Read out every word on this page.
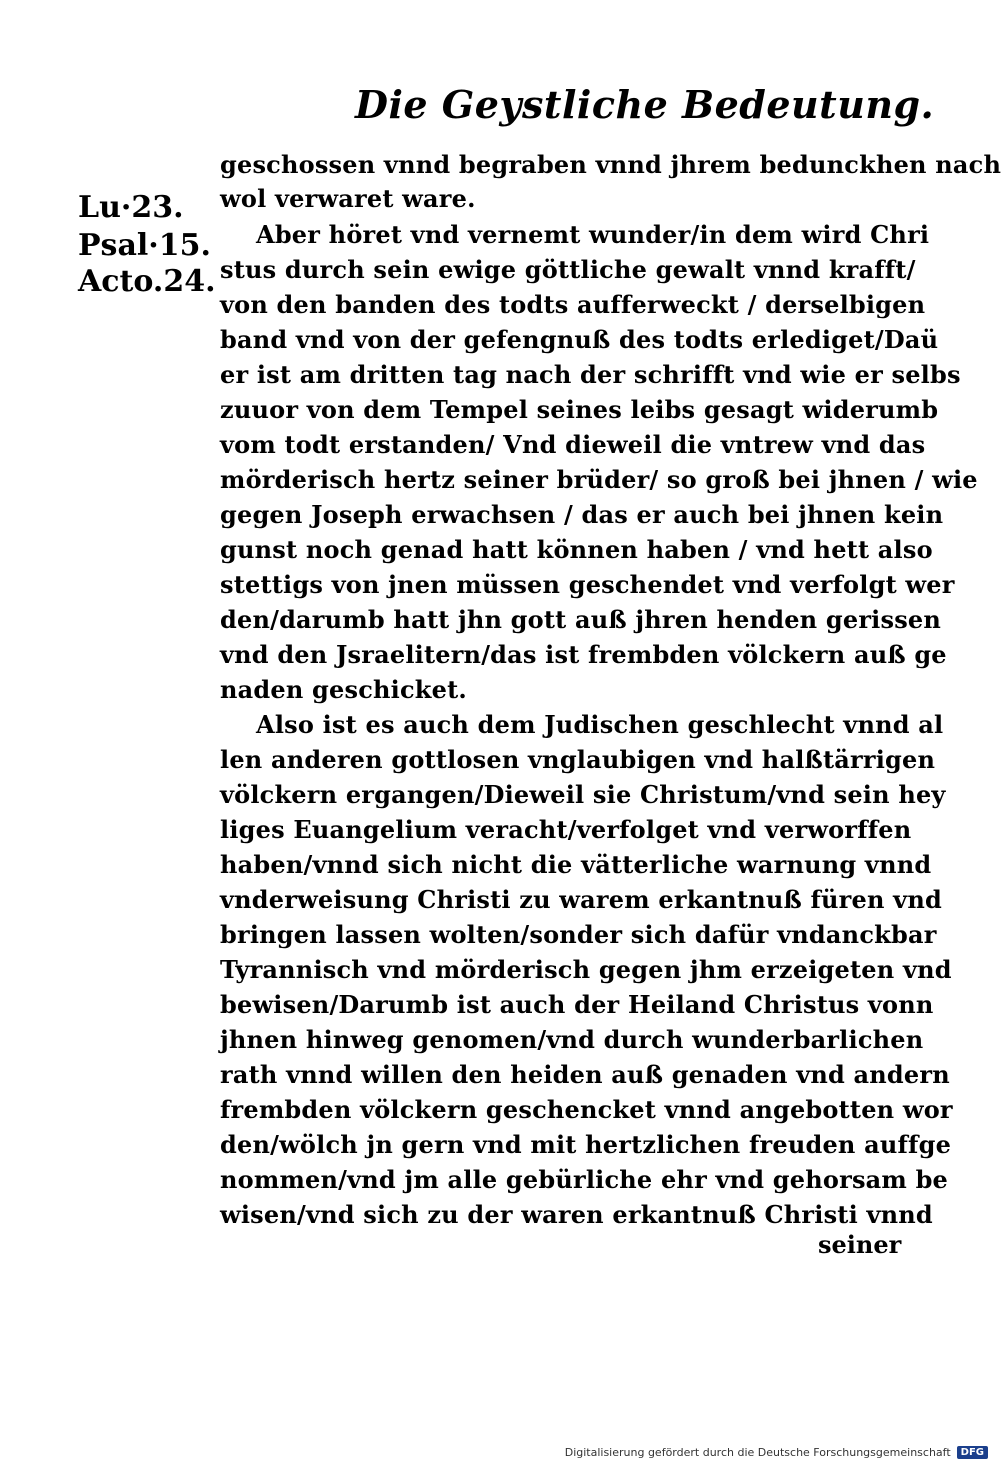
Die Geystliche Bedeutung.
Lu·23.
Psal·15.
Acto.24.
geschossen vnnd begraben vnnd jhrem bedunckhen nach
wol verwaret ware.
Aber höret vnd vernemt wunder/in dem wird Chri
stus durch sein ewige göttliche gewalt vnnd krafft/
von den banden des todts aufferweckt / derselbigen
band vnd von der gefengnuß des todts erlediget/Daü
er ist am dritten tag nach der schrifft vnd wie er selbs
zuuor von dem Tempel seines leibs gesagt widerumb
vom todt erstanden/ Vnd dieweil die vntrew vnd das
mörderisch hertz seiner brüder/ so groß bei jhnen / wie
gegen Joseph erwachsen / das er auch bei jhnen kein
gunst noch genad hatt können haben / vnd hett also
stettigs von jnen müssen geschendet vnd verfolgt wer
den/darumb hatt jhn gott auß jhren henden gerissen
vnd den Jsraelitern/das ist frembden völckern auß ge
naden geschicket.
Also ist es auch dem Judischen geschlecht vnnd al
len anderen gottlosen vnglaubigen vnd halßtärrigen
völckern ergangen/Dieweil sie Christum/vnd sein hey
liges Euangelium veracht/verfolget vnd verworffen
haben/vnnd sich nicht die vätterliche warnung vnnd
vnderweisung Christi zu warem erkantnuß füren vnd
bringen lassen wolten/sonder sich dafür vndanckbar
Tyrannisch vnd mörderisch gegen jhm erzeigeten vnd
bewisen/Darumb ist auch der Heiland Christus vonn
jhnen hinweg genomen/vnd durch wunderbarlichen
rath vnnd willen den heiden auß genaden vnd andern
frembden völckern geschencket vnnd angebotten wor
den/wölch jn gern vnd mit hertzlichen freuden auffge
nommen/vnd jm alle gebürliche ehr vnd gehorsam be
wisen/vnd sich zu der waren erkantnuß Christi vnnd
seiner
Digitalisierung gefördert durch die Deutsche Forschungsgemeinschaft	DFG
